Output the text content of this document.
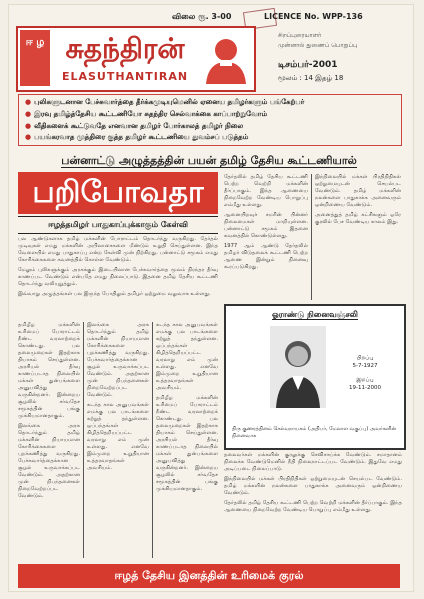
விலை ரூ. 3-00	LICENCE No. WPP-136
ஈ ழ சுதந்திரன்
ELASUTHANTIRAN
சிறப்புரையாளர்
முன்னால் துணைப் பொறுப்பு
டிசம்பர்-2001
மூலம் : 14 இதழ் 18
● புலிகளுடனான பேச்சுவார்த்தை தீர்க்கமுடியுமெனில் ஏனைய தமிழர்களும் பங்கேற்பர்
● இரவு தமிழ்த்தேசிய கூட்டணியோ சுதந்திர செல்வாக்கை காப்பாற்றுவோம்
● வீதிகளைக் கூட்டுவதே எனவான தமிழர் போர்காலத் தமிழர் நிலை
● பயங்கரவாத முத்திரை குத்த தமிழர் கூட்டணியை துவம்சப் படுத்தம்
பன்னாட்டு அழுத்தத்தின் பயன் தமிழ் தேசிய கூட்டணியால்
பறிபோவதா
ஈழத்தமிழர் பாதுகாப்புக்காகும் கேள்வி

தேர்தலில் தமிழ் தேசிய கூட்டணி பெற்ற வெற்றி மக்களின் தீர்ப்பாகும். இந்த ஆணையை நிறைவேற்ற வேண்டிய பொறுப்பு எம்மீது உள்ளது.

ஆனையிறவுச் சமரின் பின்னர் நிலைமைகள் மாறியுள்ளன. பன்னாட்டு சமூகம் இதனை கவனத்தில் கொண்டுள்ளது.

1977 ஆம் ஆண்டு தேர்தலில் தமிழர் விடுதலைக் கூட்டணி பெற்ற ஆணை இன்றும் நினைவு கூரப்படுகிறது.

இந்நிலையில் மக்கள் பிரதிநிதிகள் ஒற்றுமையுடன் செயல்பட வேண்டும். தமிழ் மக்களின் நலன்களை பாதுகாக்க அனைவரும் ஒன்றிணைய வேண்டும்.

அனைத்துத் தமிழ் கட்சிகளும் ஒரே குரலில் பேச வேண்டிய காலம் இது.

பல ஆண்டுகளாக தமிழ் மக்களின் போராட்டம் தொடர்ந்து வருகிறது. தேர்தல் முடிவுகள் எமது மக்களின் அபிலாசைகளை மீண்டும் உறுதி செய்துள்ளன. இந்த வேளையில் எமது பாதுகாப்பு என்ற கேள்வி முன் நிற்கிறது. பன்னாட்டு சமூகம் எமது கோரிக்கைகளை கவனத்தில் கொள்ள வேண்டும்.

மேலும் புலிகளுக்கும் அரசுக்கும் இடையிலான பேச்சுவார்த்தை மூலம் நிரந்தர தீர்வு காணப்பட வேண்டும் என்பதே எமது நிலைப்பாடு. இதனை தமிழ் தேசிய கூட்டணி தொடர்ந்து வலியுறுத்தும்.

இவ்வாறு அழுத்தங்கள் பல இருந்த போதிலும் தமிழர் ஒற்றுமை வலுவாக உள்ளது.

தமிழீழ மக்களின் உரிமைப் போராட்டம் நீண்ட வரலாற்றைக் கொண்டது. பல தலைமுறைகள் இதற்காக தியாகம் செய்துள்ளன. அரசியல் தீர்வு காணப்படாத நிலையில் மக்கள் துன்பங்களை அனுபவித்து வருகின்றனர். இன்றைய சூழலில் சர்வதேச சமூகத்தின் பங்கு முக்கியமானதாகும்.

இலங்கை அரசு தொடர்ந்தும் தமிழ் மக்களின் நியாயமான கோரிக்கைகளை புறக்கணித்து வருகிறது. பேச்சுவார்த்தைக்கான சூழல் உருவாக்கப்பட வேண்டும். அதற்கான முன் நிபந்தனைகள் நிறைவேற்றப்பட வேண்டும்.

இலங்கை அரசு தொடர்ந்தும் தமிழ் மக்களின் நியாயமான கோரிக்கைகளை புறக்கணித்து வருகிறது. பேச்சுவார்த்தைக்கான சூழல் உருவாக்கப்பட வேண்டும். அதற்கான முன் நிபந்தனைகள் நிறைவேற்றப்பட வேண்டும்.

கடந்த கால அனுபவங்கள் எமக்கு பல பாடங்களை கற்றுத் தந்துள்ளன. ஒப்பந்தங்கள் கிழித்தெறியப்பட்ட வரலாறு எம் முன் உள்ளது. எனவே இம்முறை உறுதியான உத்தரவாதங்கள் அவசியம்.

கடந்த கால அனுபவங்கள் எமக்கு பல பாடங்களை கற்றுத் தந்துள்ளன. ஒப்பந்தங்கள் கிழித்தெறியப்பட்ட வரலாறு எம் முன் உள்ளது. எனவே இம்முறை உறுதியான உத்தரவாதங்கள் அவசியம்.

தமிழீழ மக்களின் உரிமைப் போராட்டம் நீண்ட வரலாற்றைக் கொண்டது. பல தலைமுறைகள் இதற்காக தியாகம் செய்துள்ளன. அரசியல் தீர்வு காணப்படாத நிலையில் மக்கள் துன்பங்களை அனுபவித்து வருகின்றனர். இன்றைய சூழலில் சர்வதேச சமூகத்தின் பங்கு முக்கியமானதாகும்.

ஓராண்டு நினைவஞ்சலி
பிறப்பு
5-7-1927
இறப்பு
19-11-2000
திரு குணரத்தினம் செல்வநாயகம் (அதிபர், மேலாள வகுப்பு) அவர்களின் நினைவாக

தலைவர்கள் மக்களின் குரலுக்கு செவிசாய்க்க வேண்டும். சமாதானம் நிலைக்க வேண்டுமெனில் நீதி நிலைநாட்டப்பட வேண்டும். இதுவே எமது அடிப்படை நிலைப்பாடு.

இந்நிலையில் மக்கள் பிரதிநிதிகள் ஒற்றுமையுடன் செயல்பட வேண்டும். தமிழ் மக்களின் நலன்களை பாதுகாக்க அனைவரும் ஒன்றிணைய வேண்டும்.

தேர்தலில் தமிழ் தேசிய கூட்டணி பெற்ற வெற்றி மக்களின் தீர்ப்பாகும். இந்த ஆணையை நிறைவேற்ற வேண்டிய பொறுப்பு எம்மீது உள்ளது.

ஈழத் தேசிய இனத்தின் உரிமைக் குரல்
